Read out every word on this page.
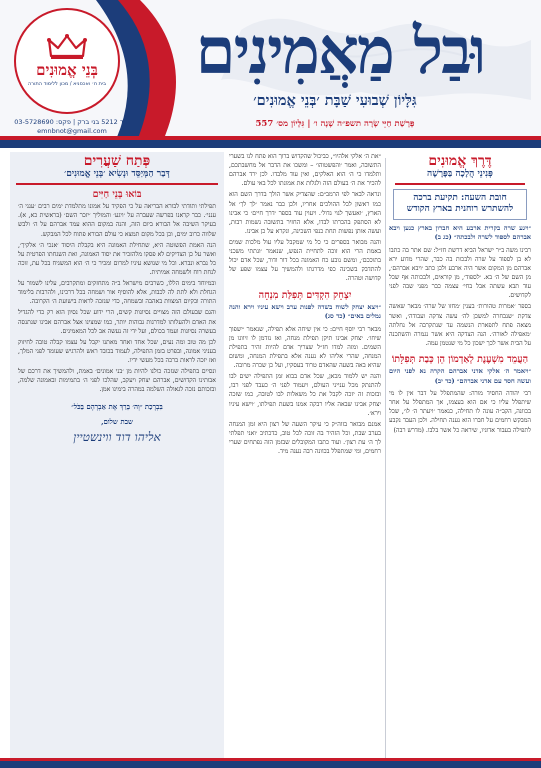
בְּנֵי אֱמוּנִים
בית ח׳ ואכסניא / מכון ללימוד התורה
ת.ד 5212 בני ברק | פקס: 03-5728690
emnbnot@gmail.com
וּבַל מַאֲמִינִים
גִּלָּיוֹן שְׁבוּעִי שַׁבָּת ׳בְּנֵי אֱמוּנִים׳
פָּרָשַׁת חַיֵּי שָׂרָה תשפ״ה שָׁנָה ו׳ | גִּלָּיוֹן מס׳ 557
דֶּרֶךְ אֱמוּנִים
פְּנִינֵי הֲלָכָה בַּפָּרָשָׁה
חובת השעה: תקיעת ברכה להשתרש רוחנית בארץ הקודש
״ויגע שרה בקרית ארבע היא חברון בארץ כנען ויבא אברהם לספוד לשרה ולבכתה״ (כג ב)

רבינו משה ב״ר ישראל הביא דרשת חז״ל: שם אתר בה כתבו לא בן לספוד על שרה ולבכות בה כבר, שהרי מדוע ירא אברהם מן המקום אשר היה ארבע ולכן כתב ׳ויבא אברהם׳, מן השם של ה׳ בא. ׳לספוד׳, מן קוראים, ולבכותה אף שכל עוד תבא עשתה אבל בחי׳ עצמה כבר מפני שבה לפני לקדושים.

בספר ׳אמרות טהורות׳ בענין ׳מחזו של שרה׳ מבאר שאשה צדקת ׳שנבחרה למשכן לה׳ עשה צדקה ועבודה׳, ואשר מצאה פתח לתפארת הנשמה עד שנתקרבה אל נחלתה ׳מאפילה לאורה׳. הנה הצדקה היא אשר נגמרה והשתכנה על הבית אשר לכך ישכון כל מי שנטמן עמה.

הַעֲמֵד מִשְׁעֶנֶת לְאַדְמוֹן הֵן כְּבַת תְּפִלָּתוֹ
״ויאמר ה׳ אלקי אדני אברהם הקרה נא לפני היום ועשה חסד עם אדני אברהם״ (כד יב)

רבי יהודה החסיד מורה: שהמתפלל על דבר אין לו מי שיתפלל עליו כי אם הוא בעצמו, אך המתפלל על אחר בכוונה, הקב״ה עונה לו תחילה, כנאמר ׳ויעתר ה׳ לו׳, שכל המבקש רחמים על חברו הוא נענה תחילה. ולכן העבד נקבע לתפילה בעבור אדוניו, שיראה כל אשר בלבו. (מדרש רבה)

״את ה׳ אלקי אלהיו״, כביכול שהקדוש ברוך הוא פתח לנו בשערי התשובה, ואמר ׳והפשטוהו׳ – ומשכו את הדבר אל מחשבתכם, ותלמדו כי ה׳ הוא האלקים, ואין עוד מלבדו. לכן ירד אברהם להכיר את ה׳ בעולם הזה ולגלות את אמונתו לכל באי עולם.

ונראה לבאר לפי הרמב״ם: שהצדיק אשר הולך בדרך השם הוא כמו ראשון לכל ההולכים אחריו, ולכן כבר נאמר ׳לך לך׳ אל הארץ, ׳ואעשך לגוי גדול׳. ויעוין עוד בספר ׳דרך חיים׳ כי אבינו לא הסתפק בהכרתו לבדו, אלא החזיר בתשובה נשמות רבות, ועשה אותן נפשות תחת כנפי השכינה, ונקרא על כן אבינו.

והנה מבואר בספרים כי כל מי שמקבל עליו עול מלכות שמים באמת הרי הוא זוכה לתחיית הנפש, שנאמר ׳ונתתי משכני בתוככם׳, ומשם נובע כח האמונה בכל דור ודור, שכל אדם יכול להתדבק בשכינה כפי מדרגתו ולהמשיך על עצמו שפע של קדושה וטהרה.

יִצְחָק הִקְדִּים תְּפִלַּת מִנְחָה
״ויצא יצחק לשוח בשדה לפנות ערב וישא עיניו וירא והנה גמלים באים״ (כד סג)

מבאר רבי יוסף חיים: כי אין שיחה אלא תפילה, שנאמר ׳ישפוך שיחו׳. יצחק אבינו תיקן תפילת מנחה, ואז נזדמן לו זיווגו מן השמים. ומזה למדו חז״ל שצריך אדם להיות זהיר בתפילת המנחה, שהרי אליהו לא נענה אלא בתפילת המנחה, ומשום שהיא באה בשעה שהאדם טרוד בעסקיו, ועל כן שכרה מרובה.

והנה יש ללמוד מכאן, שכל אדם בבוא זמן התפילה ישים לבו להתנתק מכל ענייני העולם, ויעמוד לפני ה׳ כעבד לפני רבו, ובזכות זה יזכה לקבל את כל משאלות לבו לטובה, כמו שזכה יצחק אבינו שבאה אליו רבקה אמנו בשעת תפילתו, ׳וישא עיניו וירא׳.

אמנם מבואר בזוה״ק כי עיקר השעה של רצון היא זמן המנחה בערב שבת, וכל הזהיר בה זוכה לכל טוב, כדכתיב ׳ואני תפלתי לך ה׳ עת רצון׳. ועוד כתבו המקובלים שבזמן הזה נפתחים שערי רחמים, ומי שמתפלל בכוונה רבה נענה מיד.

פְּתַח שַׁעֲרִים
דְּבַר הַמְּיַסֵּד וּנְשִׂיא ׳בְּנֵי אֱמוּנִים׳
בּוֹאוּ בְּנֵי חַיִּים

תפילתי ותודתי לבורא הבריאה על כי הפקיד על אמונו מתלמדת ימים רבים ׳ענני ה׳ ענני׳. כבר קראנו בפרשה שעברה על ׳ויגע׳ והמוליך ׳יזכר השם׳ (בראשית כא, א). בעיקר השיבה אל הבורא ביום הזה, והנה במקום ההוא עמד אברהם על ה׳ ולבש שלווה כרוב ימים, וכן בכל מקום תמצא כי עולם הבורא פתוח לכל המבקש.

הנה האמת הפשוטה היא, שתחילת האמונה היא בקבלת היסוד ׳אנכי ה׳ אלקיך׳, ואשר על כן הצדיקים לא פסקו מלהזכיר את יסוד האמונה, ואת השגחתו הפרטית על כל נברא ונברא. וכל מי שנושא עיניו למרום ומכיר כי ה׳ הוא המשגיח בכל עת, זוכה לנחת רוח ולשמחה אמיתית.

ובמיוחד בימים הללו, כשרבים מישראל ב״ה מתחזקים ומתקרבים, עלינו לשמור על הגחלת ולא לתת לה לכבות, אלא להוסיף אור ושמחה בכל דרכינו, ולהרבות בלימוד התורה ובקיום המצוות באהבה ובשמחה, כדי שנזכה לראות בישועת ה׳ הקרובה.

והגם שבעולם הזה מצויים נסיונות קשים, הרי ידוע שכל נסיון הוא רק כדי להגדיל את האדם ולהעלותו למדרגות גבוהות יותר, כמו שמצינו אצל אברהם אבינו שנתנסה בעשרה נסיונות ועמד בכולם, ועל ידי זה נעשה אב לכל המאמינים.

לכן מה טוב ומה נעים, שכל אחד ואחד מאתנו יקבל על עצמו קבלה טובה לחיזוק בעניני אמונה, ובפרט בזמן התפילה, לעמוד בכובד ראש ולהרגיש שעומד לפני המלך, ואז יזכה לראות ברכה בכל מעשי ידיו.

ונסיים בתפילה שנזכה כולנו להיות מן ׳בני אמונים׳ באמת, ולהמשיך את דרכם של אבותינו הקדושים, אברהם יצחק ויעקב, שהלכו לפני ה׳ בתמימות ובאמונה שלמה, ובזכותם נזכה לגאולה השלמה במהרה בימינו אמן.

בִּבְרָכַת ״וְה׳ בֵּרַךְ אֶת אַבְרָהָם בַּכֹּל״
שבת שלום,
אליהו דוד ווינשטיין
